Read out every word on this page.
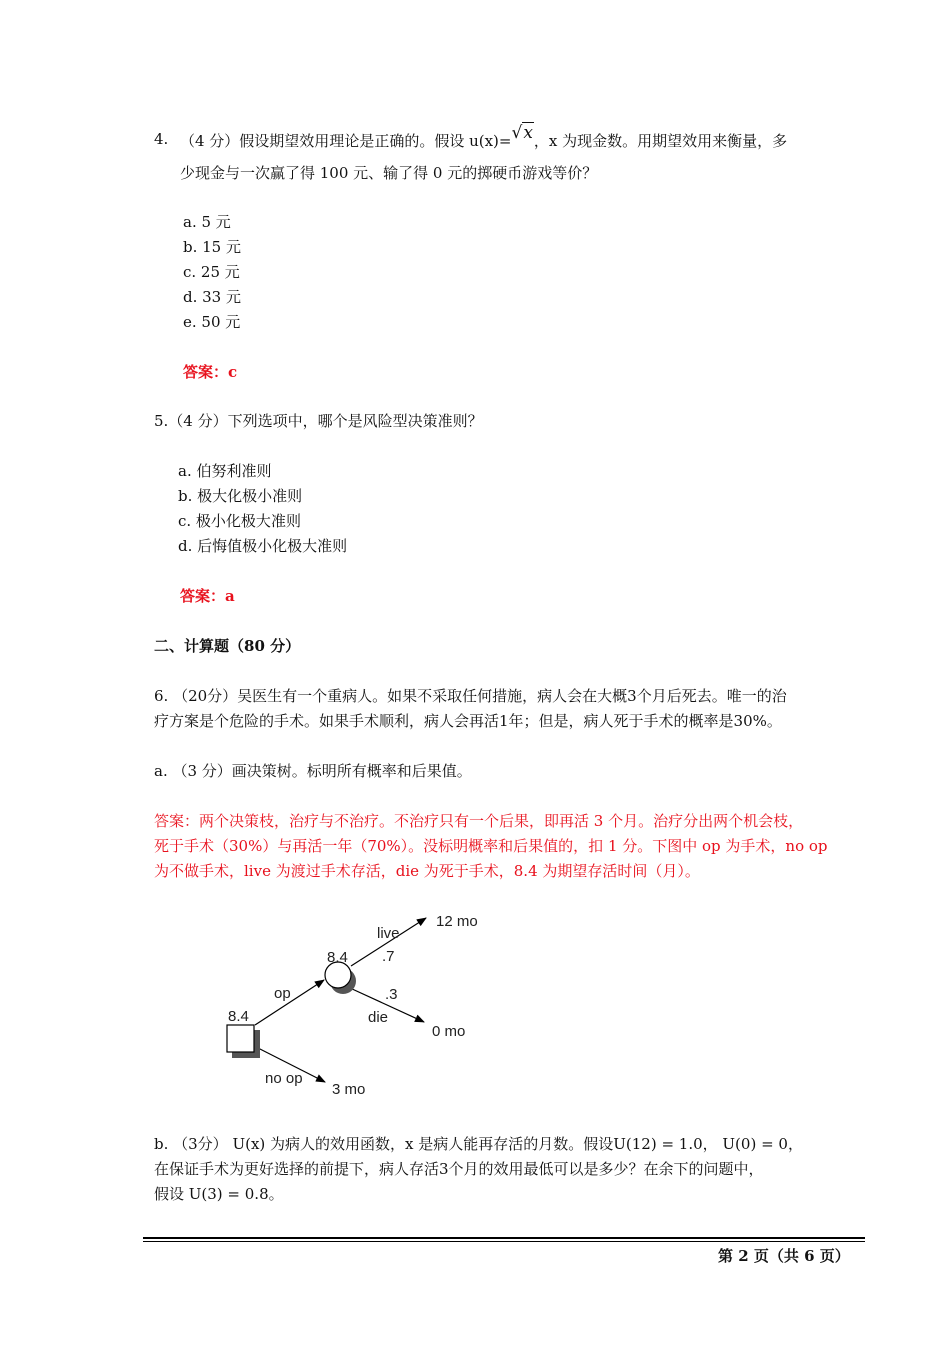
4. （4 分）假设期望效用理论是正确的。假设 u(x)=√x，x 为现金数。用期望效用来衡量，多
少现金与一次赢了得 100 元、输了得 0 元的掷硬币游戏等价？
a. 5 元
b. 15 元
c. 25 元
d. 33 元
e. 50 元
答案：c
5.（4 分）下列选项中，哪个是风险型决策准则？
a. 伯努利准则
b. 极大化极小准则
c. 极小化极大准则
d. 后悔值极小化极大准则
答案：a
二、计算题（80 分）
6. （20分）吴医生有一个重病人。如果不采取任何措施，病人会在大概3个月后死去。唯一的治
疗方案是个危险的手术。如果手术顺利，病人会再活1年；但是，病人死于手术的概率是30%。
a. （3 分）画决策树。标明所有概率和后果值。
答案：两个决策枝，治疗与不治疗。不治疗只有一个后果，即再活 3 个月。治疗分出两个机会枝，
死于手术（30%）与再活一年（70%）。没标明概率和后果值的，扣 1 分。下图中 op 为手术，no op
为不做手术，live 为渡过手术存活，die 为死于手术，8.4 为期望存活时间（月）。
8.4
8.4
op
no op
live
.7
.3
die
12 mo
0 mo
3 mo
b. （3分） U(x) 为病人的效用函数，x 是病人能再存活的月数。假设U(12) = 1.0， U(0) = 0，
在保证手术为更好选择的前提下，病人存活3个月的效用最低可以是多少？在余下的问题中，
假设 U(3) = 0.8。
第 2 页（共 6 页）
